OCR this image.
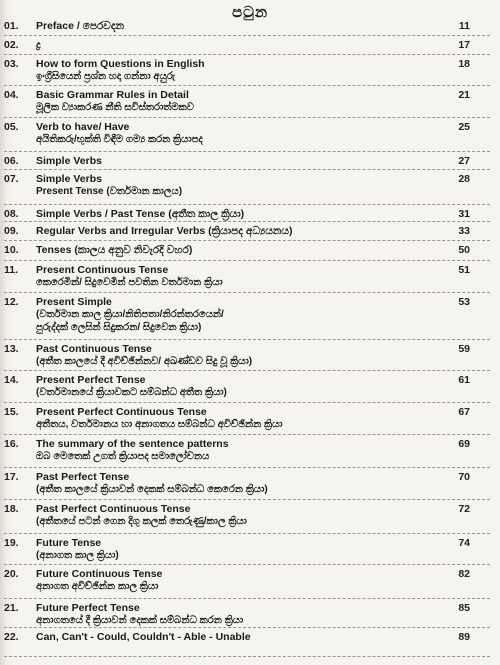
පටුන
01. Preface / පෙරවදන	11
02. ද්‍ර	17
03. How to form Questions in English
ඉංග්‍රීසියෙන් ප්‍රශ්න හදා ගන්නා අයුරු
18
04. Basic Grammar Rules in Detail
මූලික ව්‍යාකරණ නීති සවිස්තරාත්මකව
21
05. Verb to have/ Have
අයිතිකරු/භුක්ති විඳීම ගම්‍ය කරන ක්‍රියාපද
25
06. Simple Verbs	27
07. Simple Verbs
Present Tense (වර්තමාන කාලය)
28
08. Simple Verbs / Past Tense (අතීත කාල ක්‍රියා)	31
09. Regular Verbs and Irregular Verbs (ක්‍රියාපද අධ්‍යයනය)	33
10. Tenses (කාලය අනුව නිවැරදි වහර)	50
11. Present Continuous Tense
කෙරෙමින්/ සිදුවෙමින් පවතින වර්තමාන ක්‍රියා
51
12. Present Simple
(වර්තමාන කාල ක්‍රියා/නිතිපතා/නිරන්තරයෙන්/
පුරුද්දක් ලෙසින් සිදුකරන/ සිදුවෙන ක්‍රියා)
53
13. Past Continuous Tense
(අතීත කාලයේ දී අවිච්ඡින්නව/ අඛණ්ඩව සිදු වූ ක්‍රියා)
59
14. Present Perfect Tense
(වර්තමානයේ ක්‍රියාවකට සම්බන්ධ අතීත ක්‍රියා)
61
15. Present Perfect Continuous Tense
අතීතය, වර්තමානය හා අනාගතය සම්බන්ධ අවිච්ඡින්න ක්‍රියා
67
16. The summary of the sentence patterns
ඔබ මෙතෙක් උගත් ක්‍රියාපද සමාලෝචනය
69
17. Past Perfect Tense
(අතීත කාලයේ ක්‍රියාවන් දෙකක් සම්බන්ධ කෙරෙන ක්‍රියා)
70
18. Past Perfect Continuous Tense
(අතීතයේ පටන් ගෙන දිගු කලක් තෙරුණු/කාල ක්‍රියා
72
19. Future Tense
(අනාගත කාල ක්‍රියා)
74
20. Future Continuous Tense
අනාගත අවිච්ඡින්න කාල ක්‍රියා
82
21. Future Perfect Tense
අනාගතයේ දී ක්‍රියාවන් දෙකක් සම්බන්ධ කරන ක්‍රියා
85
22. Can, Can't - Could, Couldn't - Able - Unable	89
